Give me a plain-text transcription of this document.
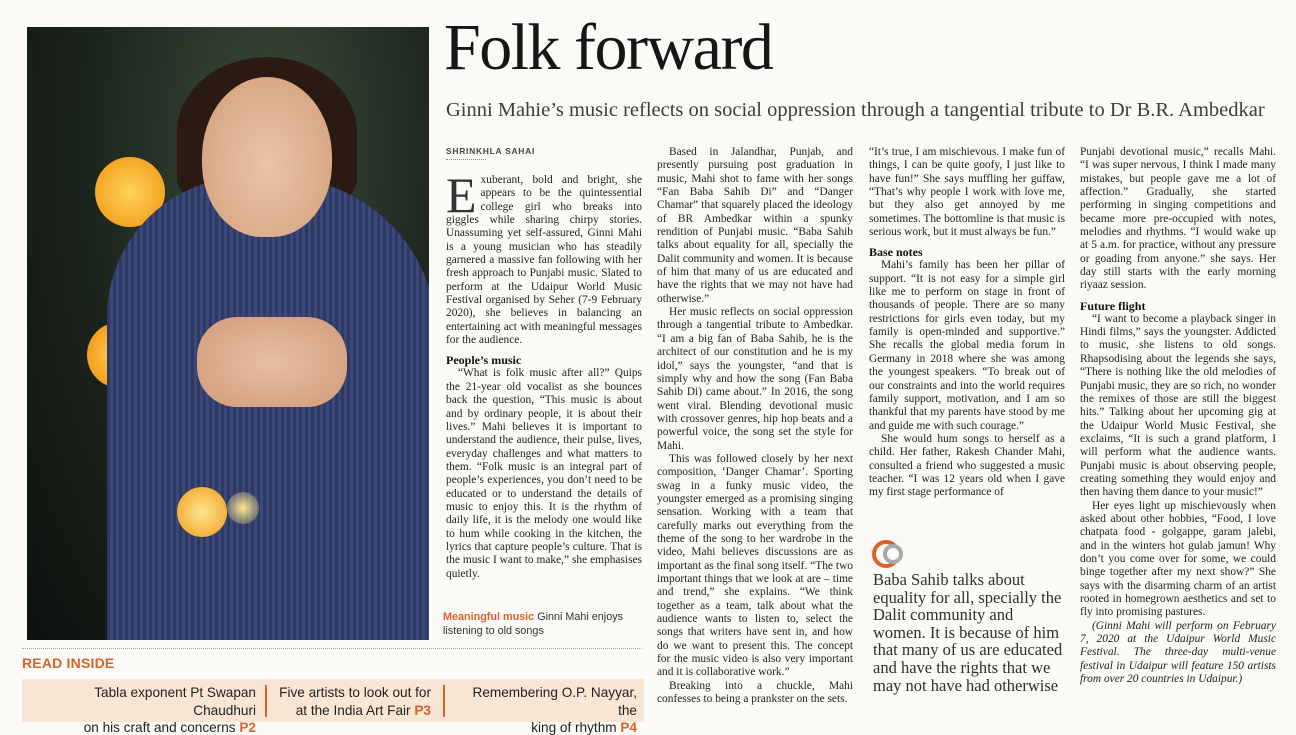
Folk forward
Ginni Mahie’s music reflects on social oppression through a tangential tribute to Dr B.R. Ambedkar
SHRINKHLA SAHAI

Exuberant, bold and bright, she appears to be the quintessential college girl who breaks into giggles while sharing chirpy stories. Unassuming yet self-assured, Ginni Mahi is a young musician who has steadily garnered a massive fan following with her fresh approach to Punjabi music. Slated to perform at the Udaipur World Music Festival organised by Seher (7-9 February 2020), she believes in balancing an entertaining act with meaningful messages for the audience.

People’s music

“What is folk music after all?” Quips the 21-year old vocalist as she bounces back the question, “This music is about and by ordinary people, it is about their lives.” Mahi believes it is important to understand the audience, their pulse, lives, everyday challenges and what matters to them. “Folk music is an integral part of people’s experiences, you don’t need to be educated or to understand the details of music to enjoy this. It is the rhythm of daily life, it is the melody one would like to hum while cooking in the kitchen, the lyrics that capture people’s culture. That is the music I want to make,” she emphasises quietly.

Based in Jalandhar, Punjab, and presently pursuing post graduation in music, Mahi shot to fame with her songs “Fan Baba Sahib Di” and “Danger Chamar” that squarely placed the ideology of BR Ambedkar within a spunky rendition of Punjabi music. “Baba Sahib talks about equality for all, specially the Dalit community and women. It is because of him that many of us are educated and have the rights that we may not have had otherwise.”

Her music reflects on social oppression through a tangential tribute to Ambedkar. “I am a big fan of Baba Sahib, he is the architect of our constitution and he is my idol,” says the youngster, “and that is simply why and how the song (Fan Baba Sahib Di) came about.” In 2016, the song went viral. Blending devotional music with crossover genres, hip hop beats and a powerful voice, the song set the style for Mahi.

This was followed closely by her next composition, ‘Danger Chamar’. Sporting swag in a funky music video, the youngster emerged as a promising singing sensation. Working with a team that carefully marks out everything from the theme of the song to her wardrobe in the video, Mahi believes discussions are as important as the final song itself. “The two important things that we look at are – time and trend,” she explains. “We think together as a team, talk about what the audience wants to listen to, select the songs that writers have sent in, and how do we want to present this. The concept for the music video is also very important and it is collaborative work.”

Breaking into a chuckle, Mahi confesses to being a prankster on the sets.

“It’s true, I am mischievous. I make fun of things, I can be quite goofy, I just like to have fun!” She says muffling her guffaw, “That’s why people I work with love me, but they also get annoyed by me sometimes. The bottomline is that music is serious work, but it must always be fun.”

Base notes

Mahi’s family has been her pillar of support. “It is not easy for a simple girl like me to perform on stage in front of thousands of people. There are so many restrictions for girls even today, but my family is open-minded and supportive.” She recalls the global media forum in Germany in 2018 where she was among the youngest speakers. “To break out of our constraints and into the world requires family support, motivation, and I am so thankful that my parents have stood by me and guide me with such courage.”

She would hum songs to herself as a child. Her father, Rakesh Chander Mahi, consulted a friend who suggested a music teacher. “I was 12 years old when I gave my first stage performance of

Baba Sahib talks about equality for all, specially the Dalit community and women. It is because of him that many of us are educated and have the rights that we may not have had otherwise

Punjabi devotional music,” recalls Mahi. “I was super nervous, I think I made many mistakes, but people gave me a lot of affection.” Gradually, she started performing in singing competitions and became more pre-occupied with notes, melodies and rhythms. “I would wake up at 5 a.m. for practice, without any pressure or goading from anyone.” she says. Her day still starts with the early morning riyaaz session.

Future flight

“I want to become a playback singer in Hindi films,” says the youngster. Addicted to music, she listens to old songs. Rhapsodising about the legends she says, “There is nothing like the old melodies of Punjabi music, they are so rich, no wonder the remixes of those are still the biggest hits.” Talking about her upcoming gig at the Udaipur World Music Festival, she exclaims, “It is such a grand platform, I will perform what the audience wants. Punjabi music is about observing people, creating something they would enjoy and then having them dance to your music!”

Her eyes light up mischievously when asked about other hobbies, “Food, I love chatpata food - golgappe, garam jalebi, and in the winters hot gulab jamun! Why don’t you come over for some, we could binge together after my next show?” She says with the disarming charm of an artist rooted in homegrown aesthetics and set to fly into promising pastures.

(Ginni Mahi will perform on February 7, 2020 at the Udaipur World Music Festival. The three-day multi-venue festival in Udaipur will feature 150 artists from over 20 countries in Udaipur.)

Meaningful music Ginni Mahi enjoys listening to old songs
READ INSIDE
Tabla exponent Pt Swapan Chaudhuri
on his craft and concerns P2
Five artists to look out for
at the India Art Fair P3
Remembering O.P. Nayyar, the
king of rhythm P4
